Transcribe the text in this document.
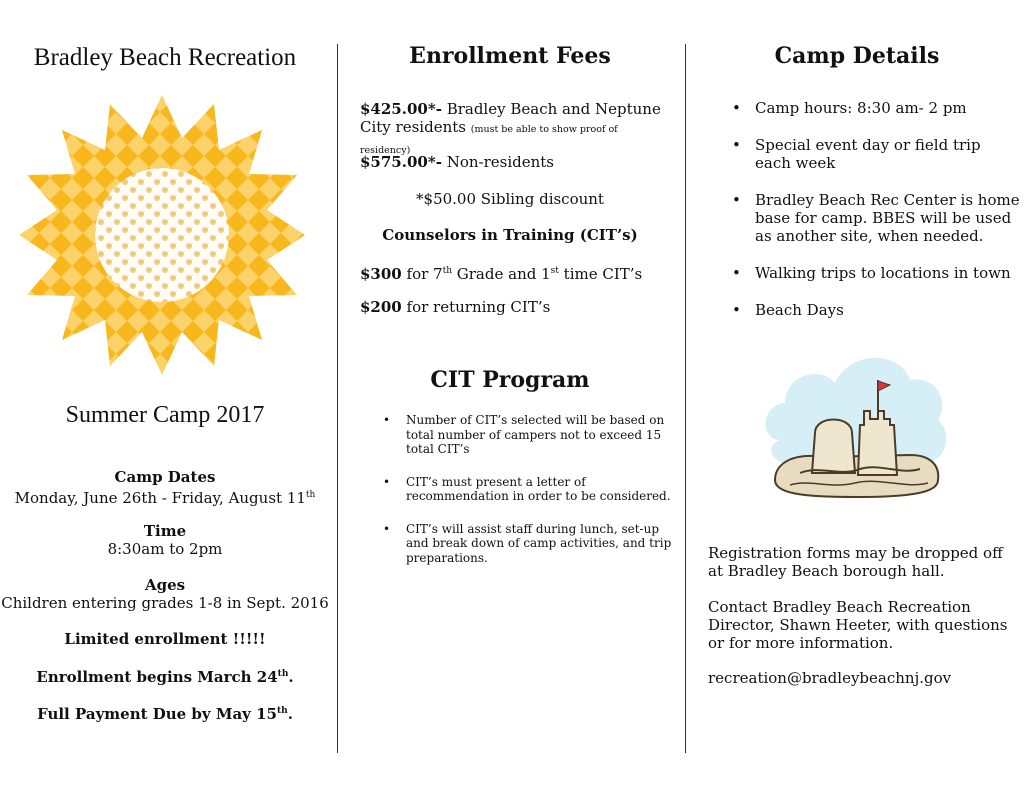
Bradley Beach Recreation
Summer Camp 2017
Camp Dates
Monday, June 26th - Friday, August 11th
Time
8:30am to 2pm
Ages
Children entering grades 1-8 in Sept. 2016
Limited enrollment !!!!!
Enrollment begins March 24th.
Full Payment Due by May 15th.
Enrollment Fees
$425.00*- Bradley Beach and Neptune City residents (must be able to show proof of residency)
$575.00*- Non-residents
*$50.00 Sibling discount
Counselors in Training (CIT’s)
$300 for 7th Grade and 1st time CIT’s
$200 for returning CIT’s
CIT Program
• Number of CIT’s selected will be based on total number of campers not to exceed 15 total CIT’s
• CIT’s must present a letter of recommendation in order to be considered.
• CIT’s will assist staff during lunch, set-up and break down of camp activities, and trip preparations.
Camp Details
• Camp hours: 8:30 am- 2 pm
• Special event day or field trip each week
• Bradley Beach Rec Center is home base for camp. BBES will be used as another site, when needed.
• Walking trips to locations in town
• Beach Days
Registration forms may be dropped off at Bradley Beach borough hall.
Contact Bradley Beach Recreation Director, Shawn Heeter, with questions or for more information.
recreation@bradleybeachnj.gov
